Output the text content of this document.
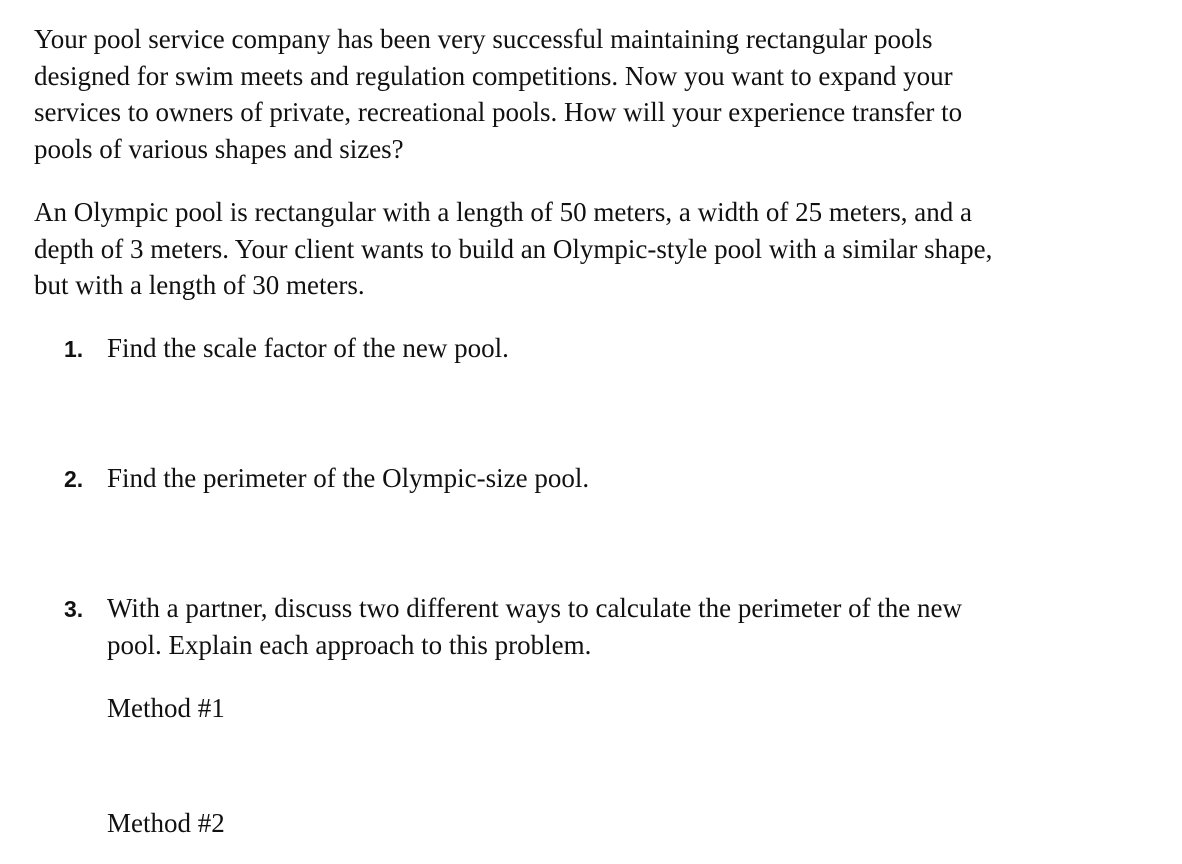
Your pool service company has been very successful maintaining rectangular pools
designed for swim meets and regulation competitions. Now you want to expand your
services to owners of private, recreational pools. How will your experience transfer to
pools of various shapes and sizes?

An Olympic pool is rectangular with a length of 50 meters, a width of 25 meters, and a
depth of 3 meters. Your client wants to build an Olympic-style pool with a similar shape,
but with a length of 30 meters.

1. Find the scale factor of the new pool.
2. Find the perimeter of the Olympic-size pool.
3. With a partner, discuss two different ways to calculate the perimeter of the new
pool. Explain each approach to this problem.
Method #1
Method #2
